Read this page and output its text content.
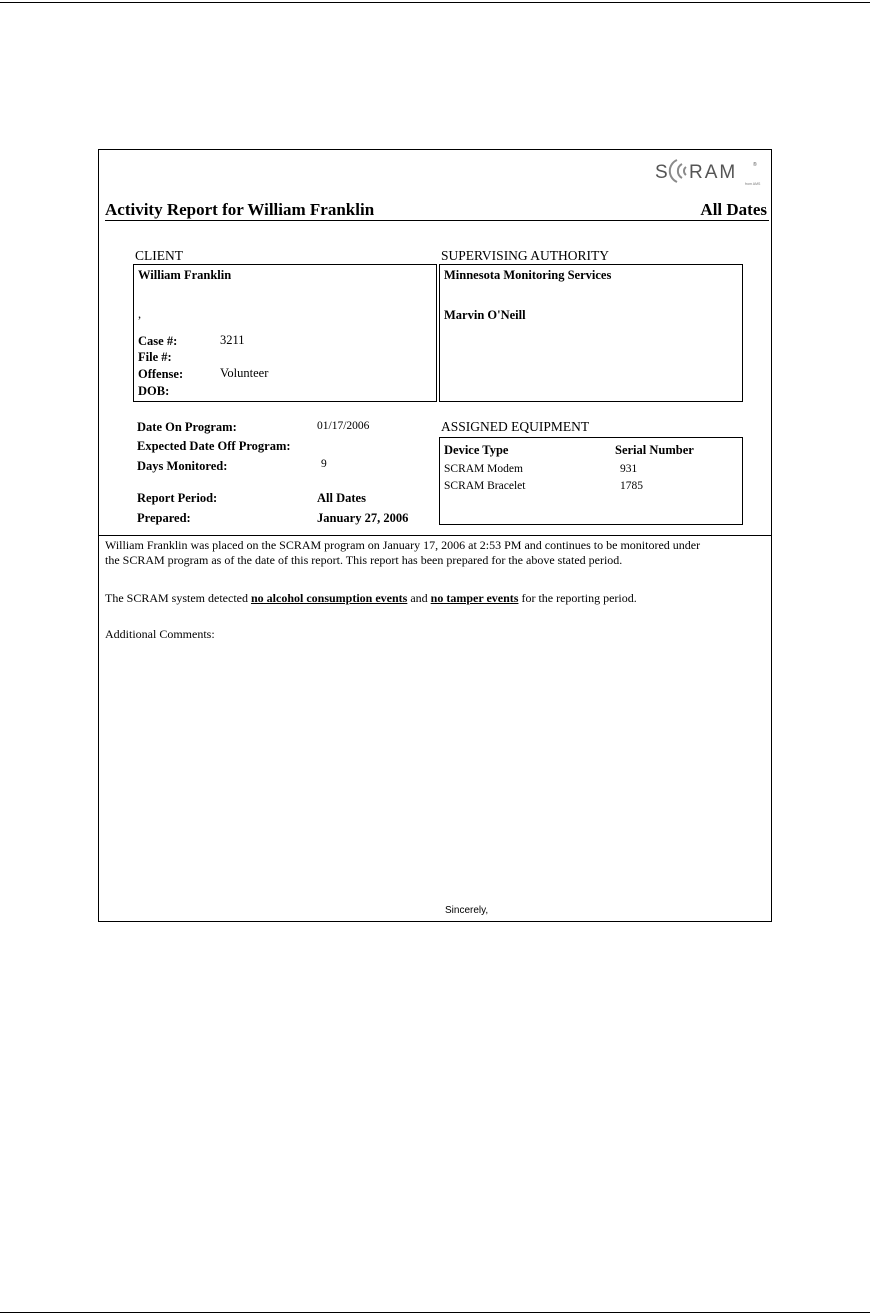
S RAM	®
from AMS
Activity Report for William Franklin	All Dates
CLIENT
William Franklin
,
Case #:	3211
File #:
Offense:	Volunteer
DOB:
SUPERVISING AUTHORITY
Minnesota Monitoring Services
Marvin O'Neill
Date On Program:	01/17/2006
Expected Date Off Program:
Days Monitored:	9
Report Period:	All Dates
Prepared:	January 27, 2006
ASSIGNED EQUIPMENT
Device Type	Serial Number
SCRAM Modem	931
SCRAM Bracelet	1785
William Franklin was placed on the SCRAM program on January 17, 2006 at 2:53 PM and continues to be monitored under
the SCRAM program as of the date of this report. This report has been prepared for the above stated period.
The SCRAM system detected no alcohol consumption events and no tamper events for the reporting period.
Additional Comments:
Sincerely,
